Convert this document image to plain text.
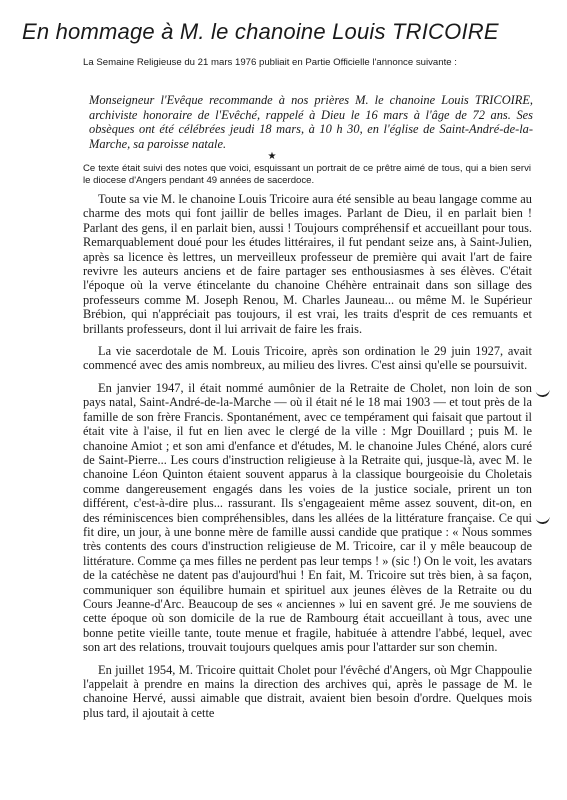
En hommage à M. le chanoine Louis TRICOIRE
La Semaine Religieuse du 21 mars 1976 publiait en Partie Officielle l'annonce suivante :
Monseigneur l'Evêque recommande à nos prières M. le chanoine Louis TRICOIRE, archiviste honoraire de l'Evêché, rappelé à Dieu le 16 mars à l'âge de 72 ans. Ses obsèques ont été célébrées jeudi 18 mars, à 10 h 30, en l'église de Saint-André-de-la-Marche, sa paroisse natale.
★
Ce texte était suivi des notes que voici, esquissant un portrait de ce prêtre aimé de tous, qui a bien servi le diocese d'Angers pendant 49 années de sacerdoce.

Toute sa vie M. le chanoine Louis Tricoire aura été sensible au beau langage comme au charme des mots qui font jaillir de belles images. Parlant de Dieu, il en parlait bien ! Parlant des gens, il en parlait bien, aussi ! Toujours compréhensif et accueillant pour tous. Remarquablement doué pour les études littéraires, il fut pendant seize ans, à Saint-Julien, après sa licence ès lettres, un merveilleux professeur de première qui avait l'art de faire revivre les auteurs anciens et de faire partager ses enthousiasmes à ses élèves. C'était l'époque où la verve étincelante du chanoine Chéhère entrainait dans son sillage des professeurs comme M. Joseph Renou, M. Charles Jauneau... ou même M. le Supérieur Brébion, qui n'appréciait pas toujours, il est vrai, les traits d'esprit de ces remuants et brillants professeurs, dont il lui arrivait de faire les frais.

La vie sacerdotale de M. Louis Tricoire, après son ordination le 29 juin 1927, avait commencé avec des amis nombreux, au milieu des livres. C'est ainsi qu'elle se poursuivit.

En janvier 1947, il était nommé aumônier de la Retraite de Cholet, non loin de son pays natal, Saint-André-de-la-Marche — où il était né le 18 mai 1903 — et tout près de la famille de son frère Francis. Spontanément, avec ce tempérament qui faisait que partout il était vite à l'aise, il fut en lien avec le clergé de la ville : Mgr Douillard ; puis M. le chanoine Amiot ; et son ami d'enfance et d'études, M. le chanoine Jules Chéné, alors curé de Saint-Pierre... Les cours d'instruction religieuse à la Retraite qui, jusque-là, avec M. le chanoine Léon Quinton étaient souvent apparus à la classique bourgeoisie du Choletais comme dangereusement engagés dans les voies de la justice sociale, prirent un ton différent, c'est-à-dire plus... rassurant. Ils s'engageaient même assez souvent, dit-on, en des réminiscences bien compréhensibles, dans les allées de la littérature française. Ce qui fit dire, un jour, à une bonne mère de famille aussi candide que pratique : « Nous sommes très contents des cours d'instruction religieuse de M. Tricoire, car il y mêle beaucoup de littérature. Comme ça mes filles ne perdent pas leur temps ! » (sic !) On le voit, les avatars de la catéchèse ne datent pas d'aujourd'hui ! En fait, M. Tricoire sut très bien, à sa façon, communiquer son équilibre humain et spirituel aux jeunes élèves de la Retraite ou du Cours Jeanne-d'Arc. Beaucoup de ses « anciennes » lui en savent gré. Je me souviens de cette époque où son domicile de la rue de Rambourg était accueillant à tous, avec une bonne petite vieille tante, toute menue et fragile, habituée à attendre l'abbé, lequel, avec son art des relations, trouvait toujours quelques amis pour l'attarder sur son chemin.

En juillet 1954, M. Tricoire quittait Cholet pour l'évêché d'Angers, où Mgr Chappoulie l'appelait à prendre en mains la direction des archives qui, après le passage de M. le chanoine Hervé, aussi aimable que distrait, avaient bien besoin d'ordre. Quelques mois plus tard, il ajoutait à cette
